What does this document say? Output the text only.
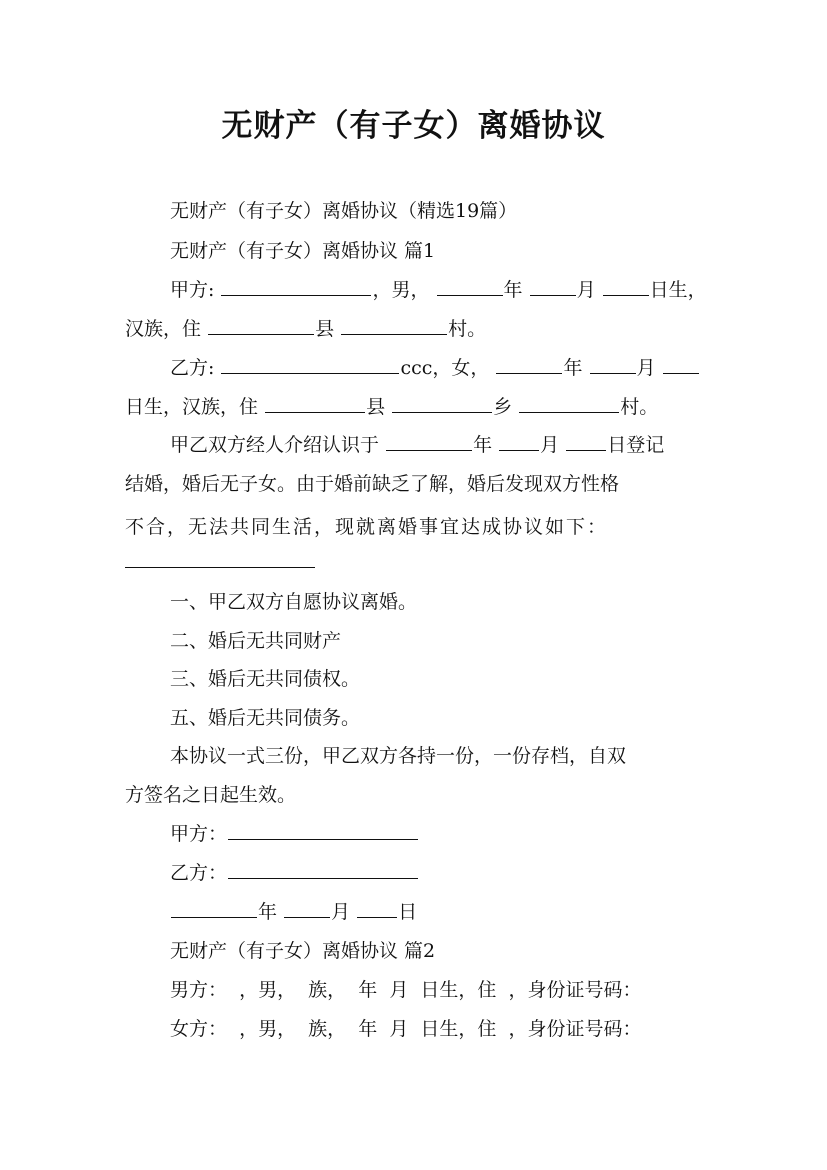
无财产（有子女）离婚协议
无财产（有子女）离婚协议（精选19篇）
无财产（有子女）离婚协议 篇1
甲方:	，男，	年	月	日生，
汉族，住	县	村。
乙方:	ccc，女，	年	月
日生，汉族，住	县	乡	村。
甲乙双方经人介绍认识于	年	月	日登记
结婚，婚后无子女。由于婚前缺乏了解，婚后发现双方性格
不合，无法共同生活，现就离婚事宜达成协议如下：
一、甲乙双方自愿协议离婚。
二、婚后无共同财产
三、婚后无共同债权。
五、婚后无共同债务。
本协议一式三份，甲乙双方各持一份，一份存档，自双
方签名之日起生效。
甲方：
乙方：
年	月	日
无财产（有子女）离婚协议 篇2
男方：  ，男，  族，  年  月  日生，住  ，身份证号码：
女方：  ，男，  族，  年  月  日生，住  ，身份证号码：
